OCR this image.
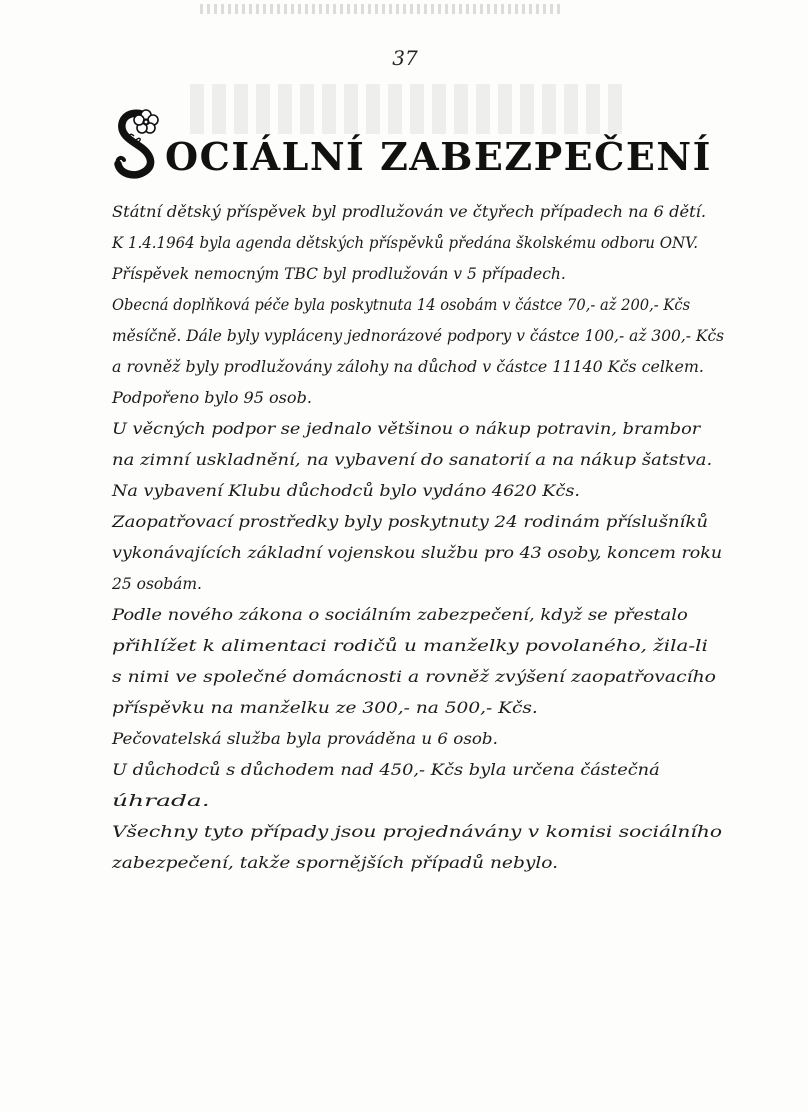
37
OCIÁLNÍ ZABEZPEČENÍ
Státní dětský příspěvek byl prodlužován ve čtyřech případech na 6 dětí.
K 1.4.1964 byla agenda dětských příspěvků předána školskému odboru ONV.
Příspěvek nemocným TBC byl prodlužován v 5 případech.
Obecná doplňková péče byla poskytnuta 14 osobám v částce 70,- až 200,- Kčs
měsíčně. Dále byly vypláceny jednorázové podpory v částce 100,- až 300,- Kčs
a rovněž byly prodlužovány zálohy na důchod v částce 11140 Kčs celkem.
Podpořeno bylo 95 osob.
U věcných podpor se jednalo většinou o nákup potravin, brambor
na zimní uskladnění, na vybavení do sanatorií a na nákup šatstva.
Na vybavení Klubu důchodců bylo vydáno 4620 Kčs.
Zaopatřovací prostředky byly poskytnuty 24 rodinám příslušníků
vykonávajících základní vojenskou službu pro 43 osoby, koncem roku
25 osobám.
Podle nového zákona o sociálním zabezpečení, když se přestalo
přihlížet k alimentaci rodičů u manželky povolaného, žila-li
s nimi ve společné domácnosti a rovněž zvýšení zaopatřovacího
příspěvku na manželku ze 300,- na 500,- Kčs.
Pečovatelská služba byla prováděna u 6 osob.
U důchodců s důchodem nad 450,- Kčs byla určena částečná
úhrada.
Všechny tyto případy jsou projednávány v komisi sociálního
zabezpečení, takže spornějších případů nebylo.
